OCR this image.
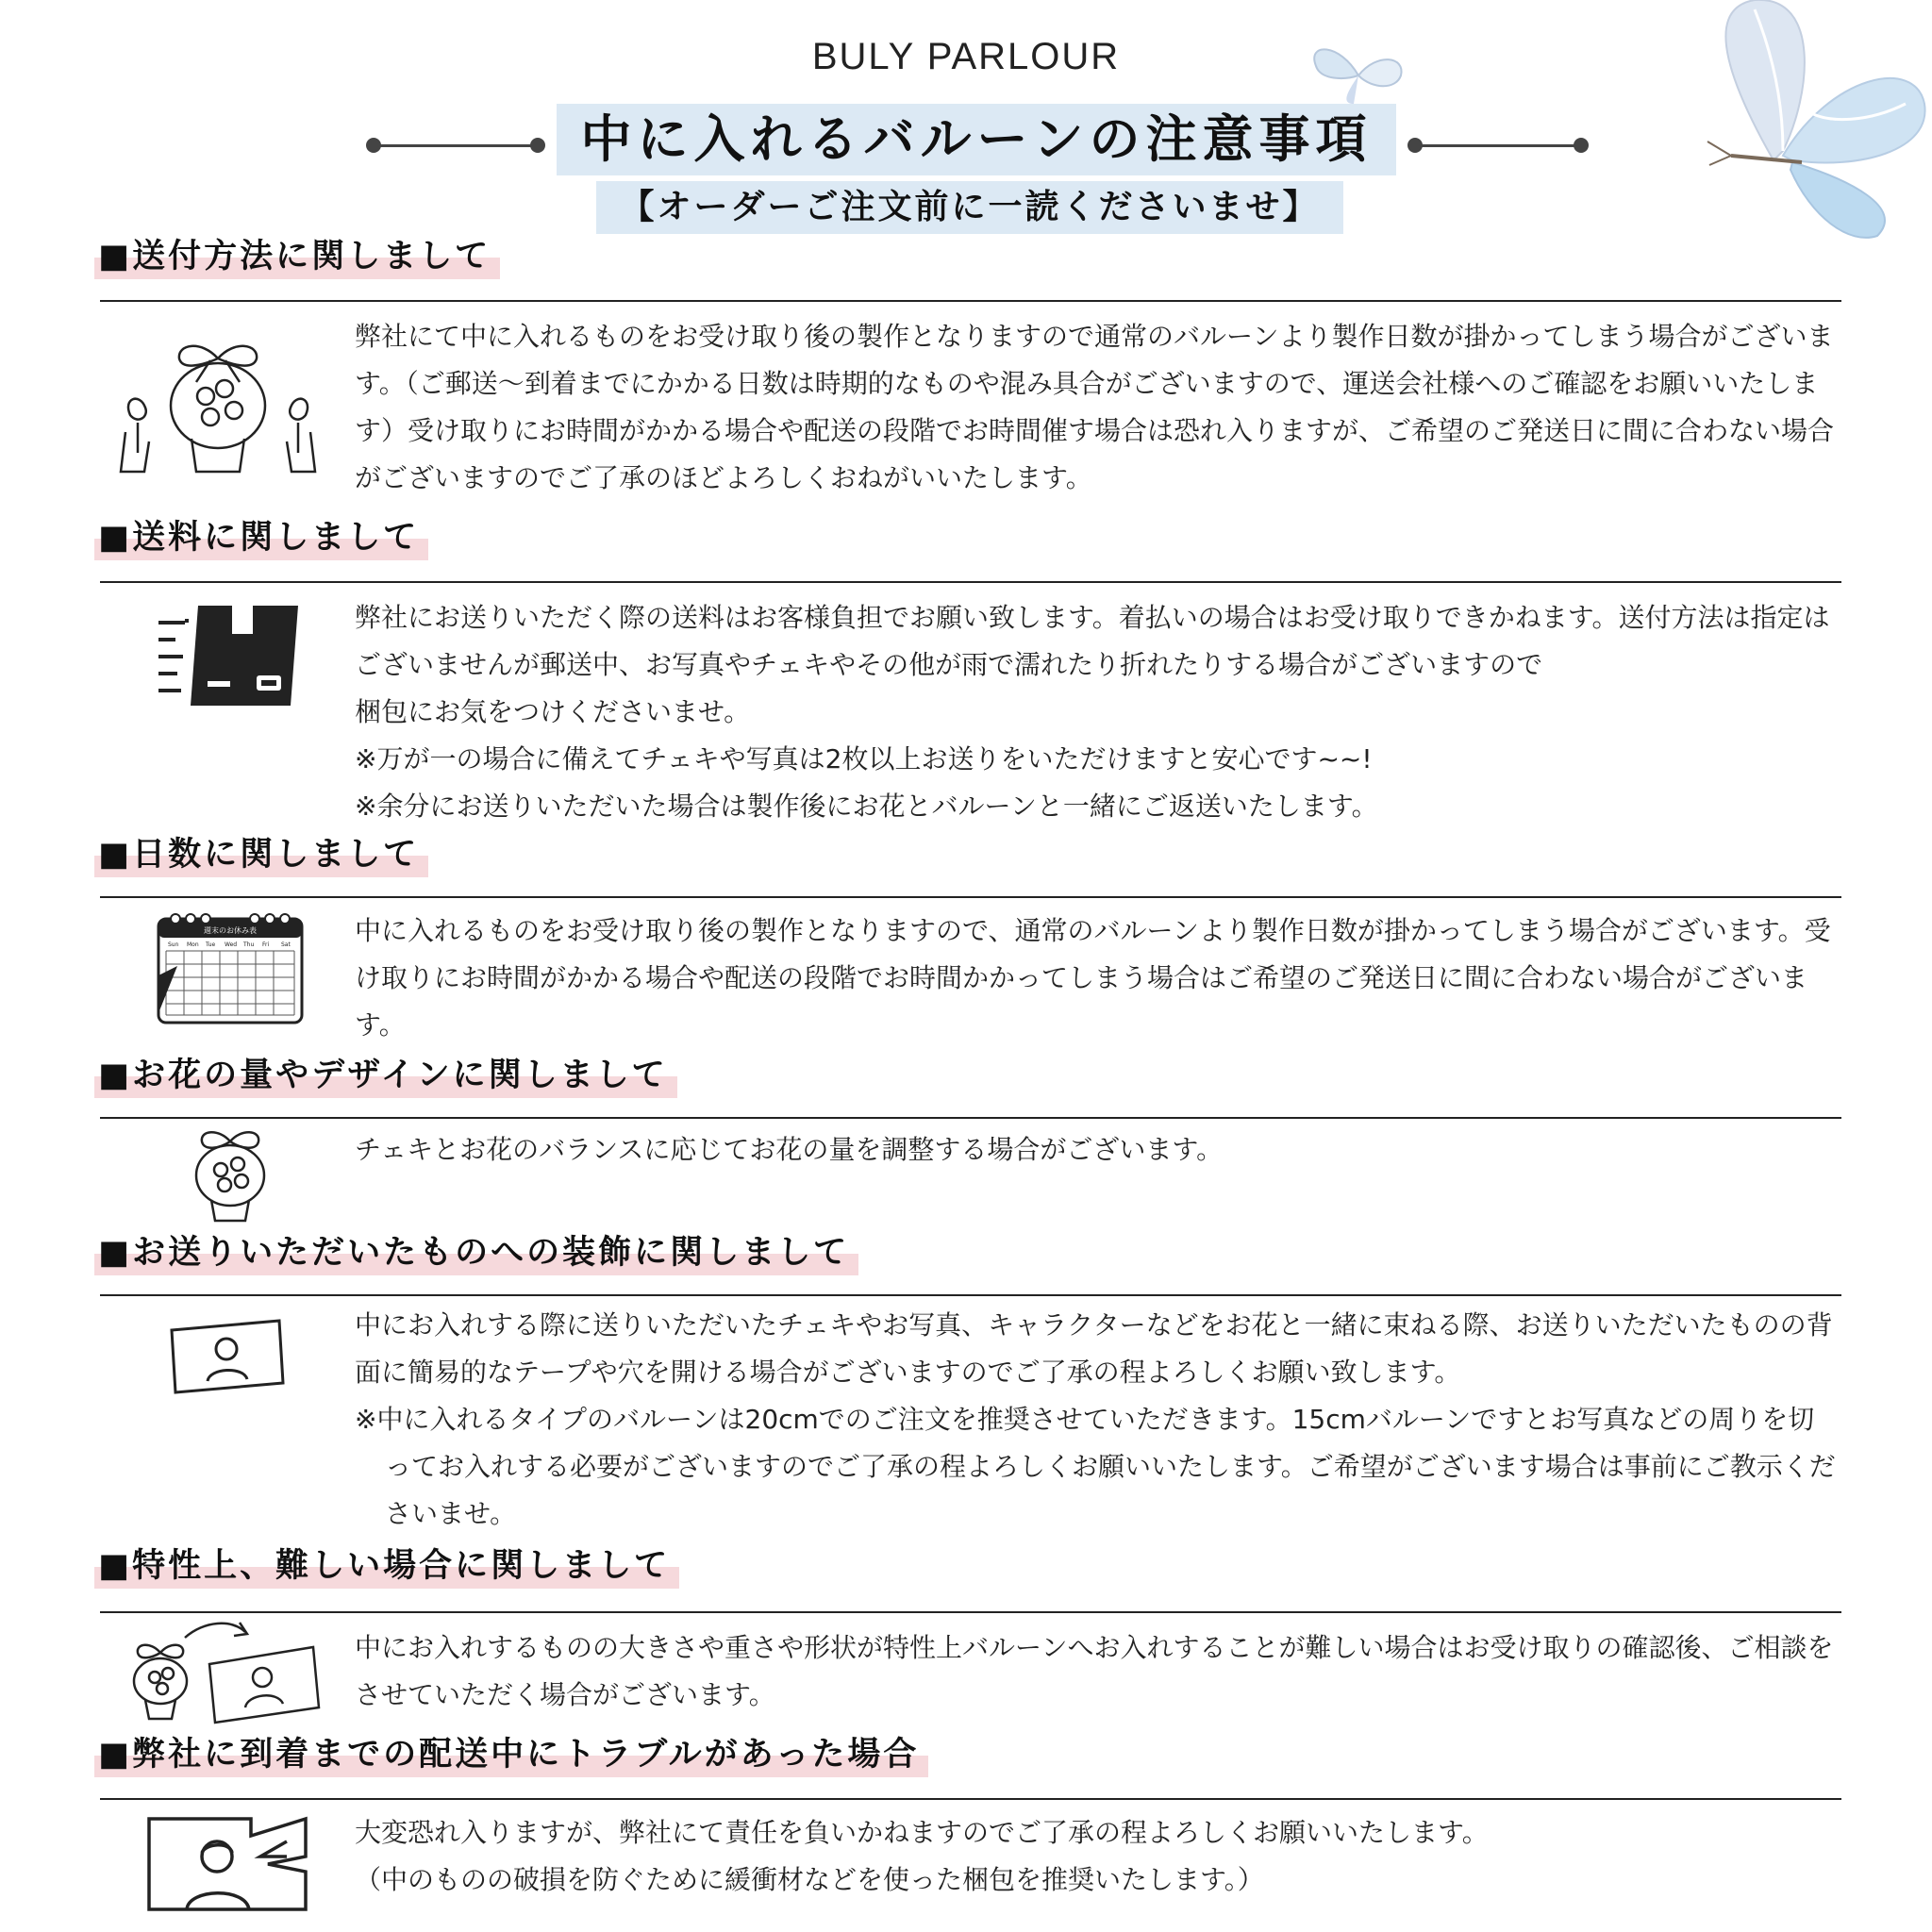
BULY PARLOUR
中に入れるバルーンの注意事項
【オーダーご注文前に一読くださいませ】
■送付方法に関しまして

弊社にて中に入れるものをお受け取り後の製作となりますので通常のバルーンより製作日数が掛かってしまう場合がございます。（ご郵送〜到着までにかかる日数は時期的なものや混み具合がございますので、運送会社様へのご確認をお願いいたします）受け取りにお時間がかかる場合や配送の段階でお時間催す場合は恐れ入りますが、ご希望のご発送日に間に合わない場合がございますのでご了承のほどよろしくおねがいいたします。

■送料に関しまして

弊社にお送りいただく際の送料はお客様負担でお願い致します。着払いの場合はお受け取りできかねます。送付方法は指定はございませんが郵送中、お写真やチェキやその他が雨で濡れたり折れたりする場合がございますので

梱包にお気をつけくださいませ。

※万が一の場合に備えてチェキや写真は2枚以上お送りをいただけますと安心です~~!

※余分にお送りいただいた場合は製作後にお花とバルーンと一緒にご返送いたします。

■日数に関しまして
週末のお休み表
Sun Mon Tue Wed Thu Fri Sat 中に入れるものをお受け取り後の製作となりますので、通常のバルーンより製作日数が掛かってしまう場合がございます。受け取りにお時間がかかる場合や配送の段階でお時間かかってしまう場合はご希望のご発送日に間に合わない場合がございます。

■お花の量やデザインに関しまして

チェキとお花のバランスに応じてお花の量を調整する場合がございます。

■お送りいただいたものへの装飾に関しまして

中にお入れする際に送りいただいたチェキやお写真、キャラクターなどをお花と一緒に束ねる際、お送りいただいたものの背面に簡易的なテープや穴を開ける場合がございますのでご了承の程よろしくお願い致します。

※中に入れるタイプのバルーンは20cmでのご注文を推奨させていただきます。15cmバルーンですとお写真などの周りを切ってお入れする必要がございますのでご了承の程よろしくお願いいたします。ご希望がございます場合は事前にご教示くださいませ。

■特性上、難しい場合に関しまして

中にお入れするものの大きさや重さや形状が特性上バルーンへお入れすることが難しい場合はお受け取りの確認後、ご相談をさせていただく場合がございます。

■弊社に到着までの配送中にトラブルがあった場合

大変恐れ入りますが、弊社にて責任を負いかねますのでご了承の程よろしくお願いいたします。

（中のものの破損を防ぐために緩衝材などを使った梱包を推奨いたします。）
